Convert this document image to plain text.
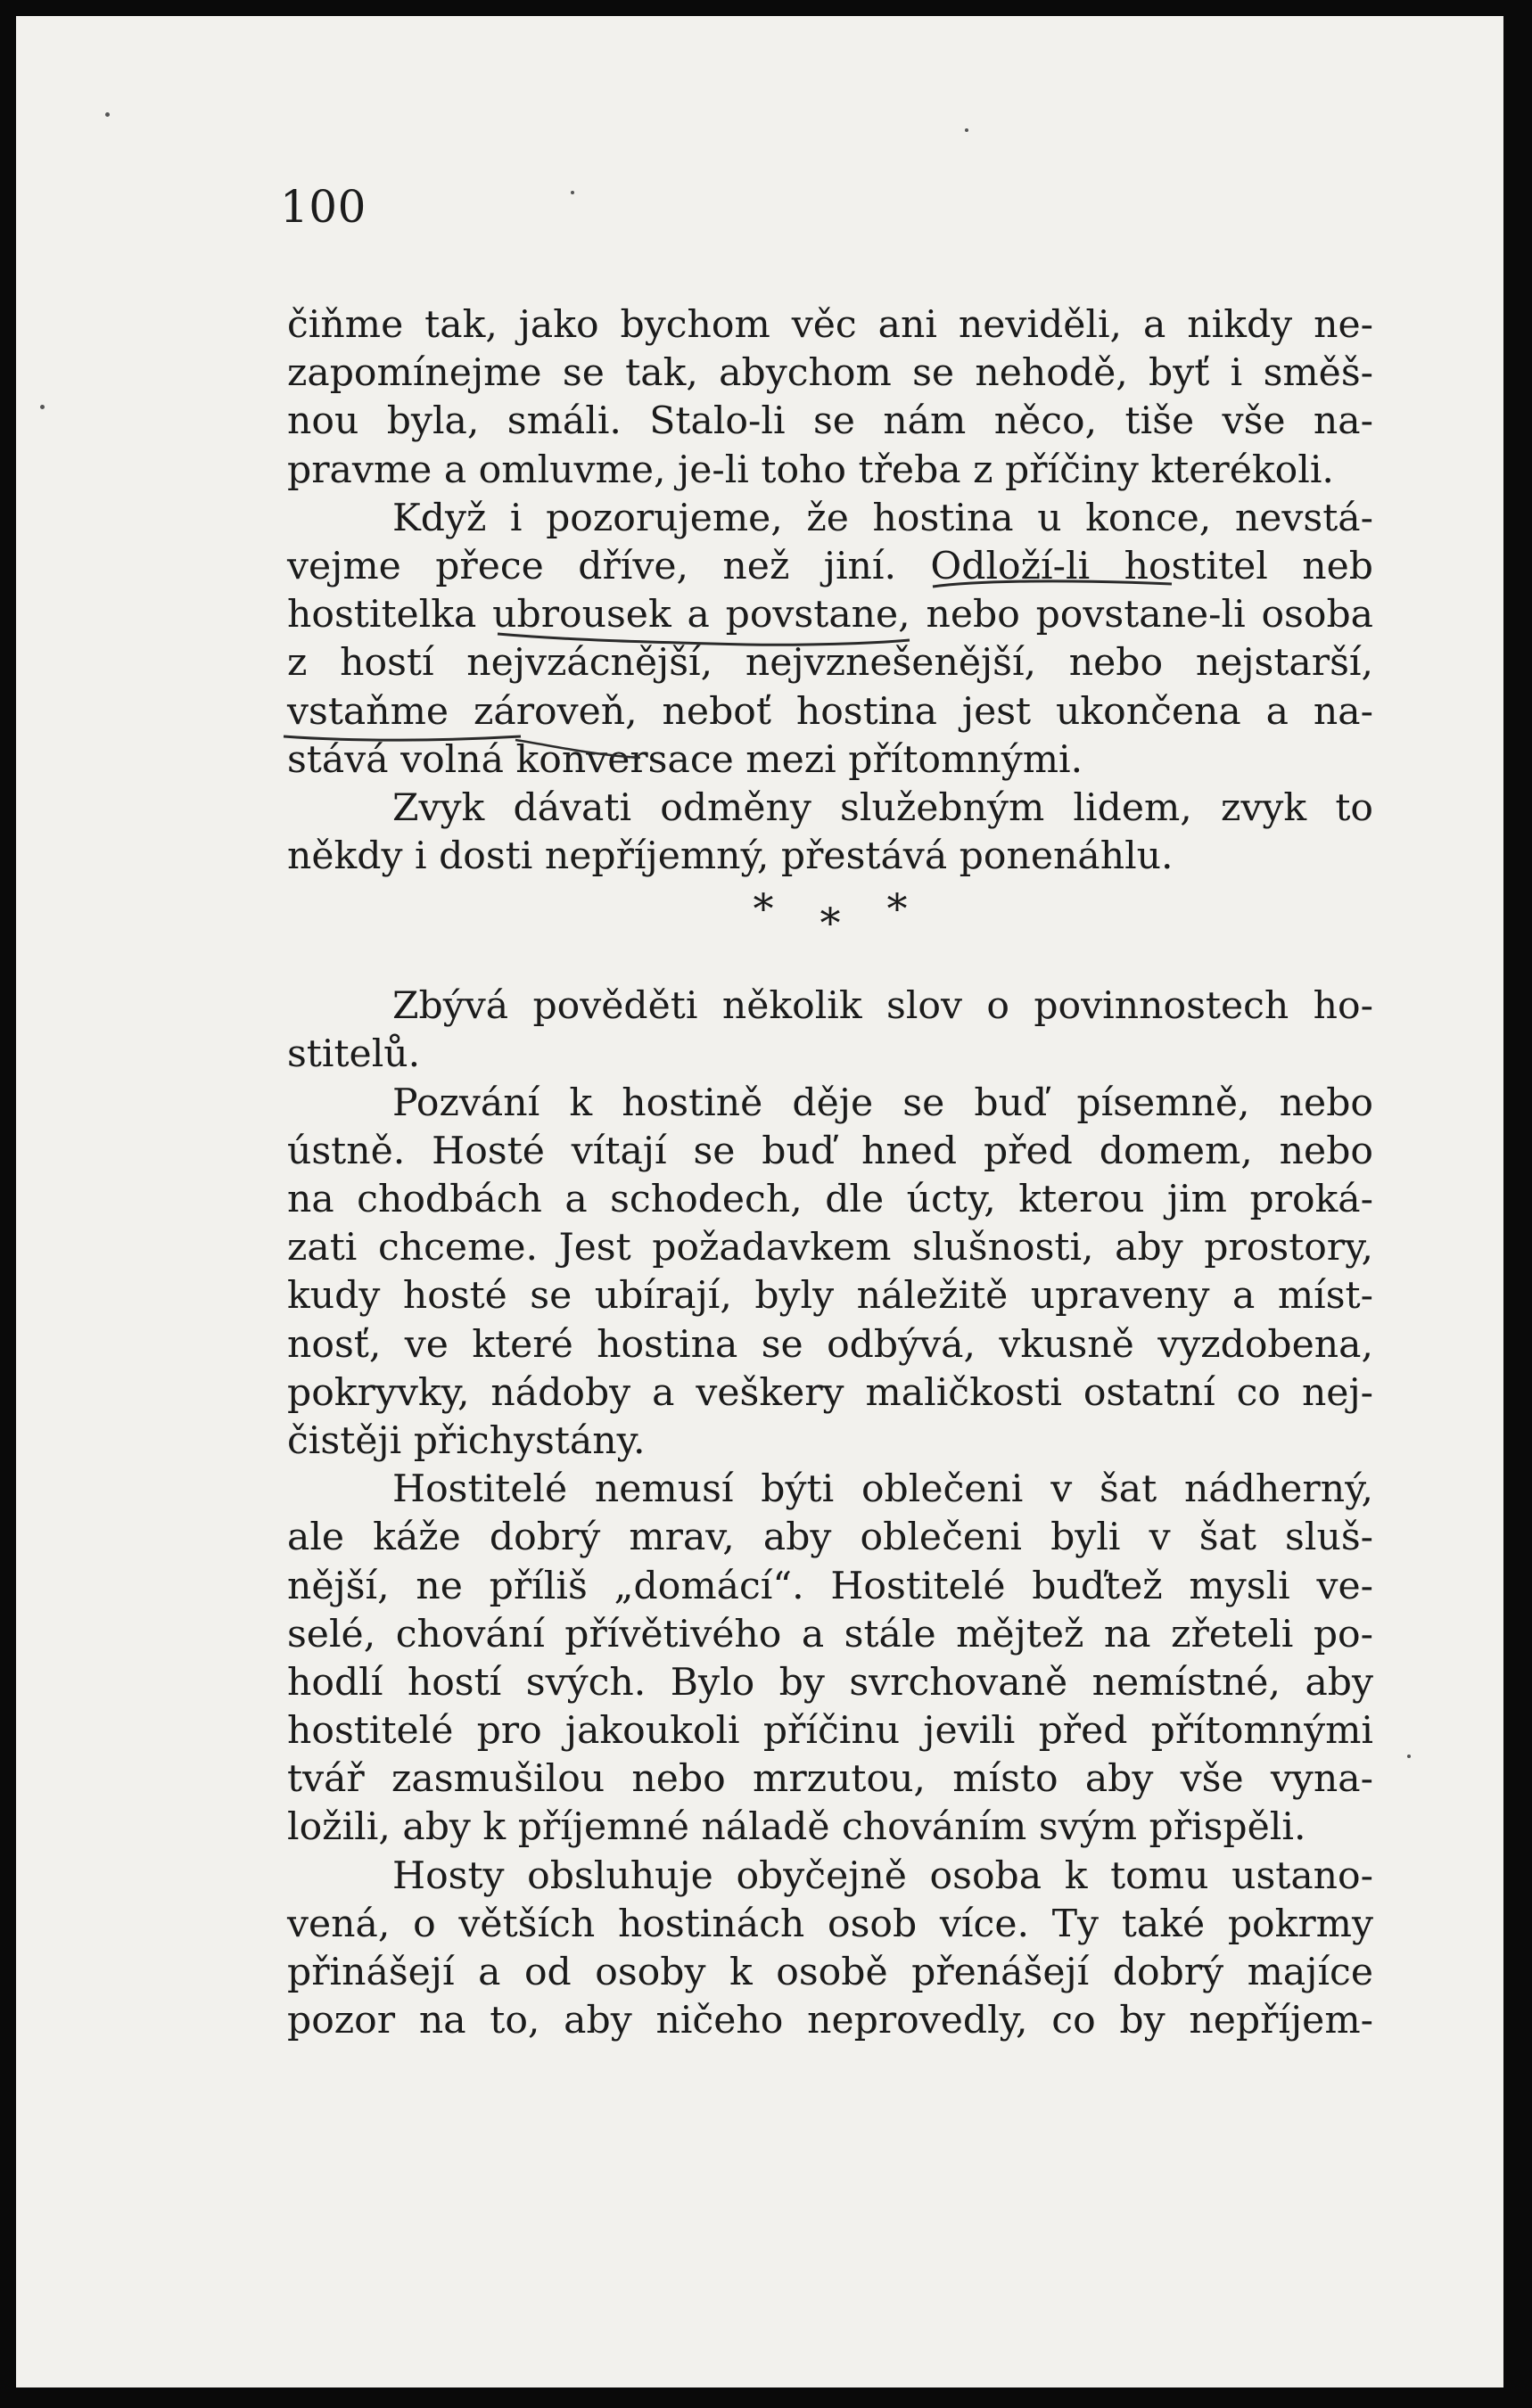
100
čiňme tak, jako bychom věc ani neviděli, a nikdy ne-
zapomínejme se tak, abychom se nehodě, byť i směš-
nou byla, smáli. Stalo-li se nám něco, tiše vše na-
pravme a omluvme, je-li toho třeba z příčiny kterékoli.
Když i pozorujeme, že hostina u konce, nevstá-
vejme přece dříve, než jiní. Odloží-li hostitel neb
hostitelka ubrousek a povstane, nebo povstane-li osoba
z hostí nejvzácnější, nejvznešenější, nebo nejstarší,
vstaňme zároveň, neboť hostina jest ukončena a na-
stává volná konversace mezi přítomnými.
Zvyk dávati odměny služebným lidem, zvyk to
někdy i dosti nepříjemný, přestává ponenáhlu.
* * *
Zbývá pověděti několik slov o povinnostech ho-
stitelů.
Pozvání k hostině děje se buď písemně, nebo
ústně. Hosté vítají se buď hned před domem, nebo
na chodbách a schodech, dle úcty, kterou jim proká-
zati chceme. Jest požadavkem slušnosti, aby prostory,
kudy hosté se ubírají, byly náležitě upraveny a míst-
nosť, ve které hostina se odbývá, vkusně vyzdobena,
pokryvky, nádoby a veškery maličkosti ostatní co nej-
čistěji přichystány.
Hostitelé nemusí býti oblečeni v šat nádherný,
ale káže dobrý mrav, aby oblečeni byli v šat sluš-
nější, ne příliš „domácí“. Hostitelé buďtež mysli ve-
selé, chování přívětivého a stále mějtež na zřeteli po-
hodlí hostí svých. Bylo by svrchovaně nemístné, aby
hostitelé pro jakoukoli příčinu jevili před přítomnými
tvář zasmušilou nebo mrzutou, místo aby vše vyna-
ložili, aby k příjemné náladě chováním svým přispěli.
Hosty obsluhuje obyčejně osoba k tomu ustano-
vená, o větších hostinách osob více. Ty také pokrmy
přinášejí a od osoby k osobě přenášejí dobrý majíce
pozor na to, aby ničeho neprovedly, co by nepříjem-
